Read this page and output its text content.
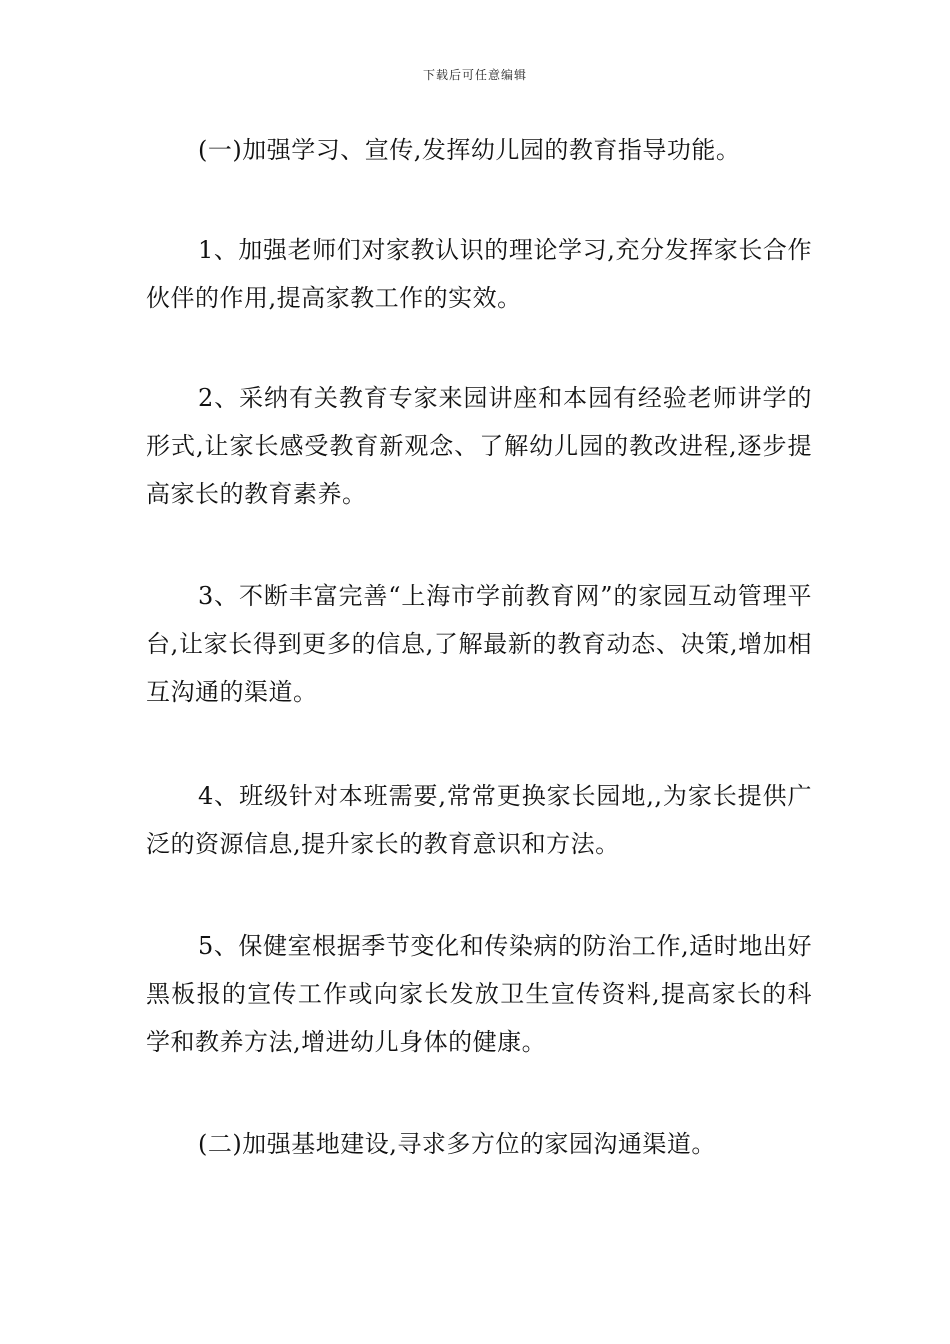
下载后可任意编辑

(一)加强学习、宣传,发挥幼儿园的教育指导功能。

1、加强老师们对家教认识的理论学习,充分发挥家长合作伙伴的作用,提高家教工作的实效。

2、采纳有关教育专家来园讲座和本园有经验老师讲学的形式,让家长感受教育新观念、了解幼儿园的教改进程,逐步提高家长的教育素养。

3、不断丰富完善“上海市学前教育网”的家园互动管理平台,让家长得到更多的信息,了解最新的教育动态、决策,增加相互沟通的渠道。

4、班级针对本班需要,常常更换家长园地,,为家长提供广泛的资源信息,提升家长的教育意识和方法。

5、保健室根据季节变化和传染病的防治工作,适时地出好黑板报的宣传工作或向家长发放卫生宣传资料,提高家长的科学和教养方法,增进幼儿身体的健康。

(二)加强基地建设,寻求多方位的家园沟通渠道。
